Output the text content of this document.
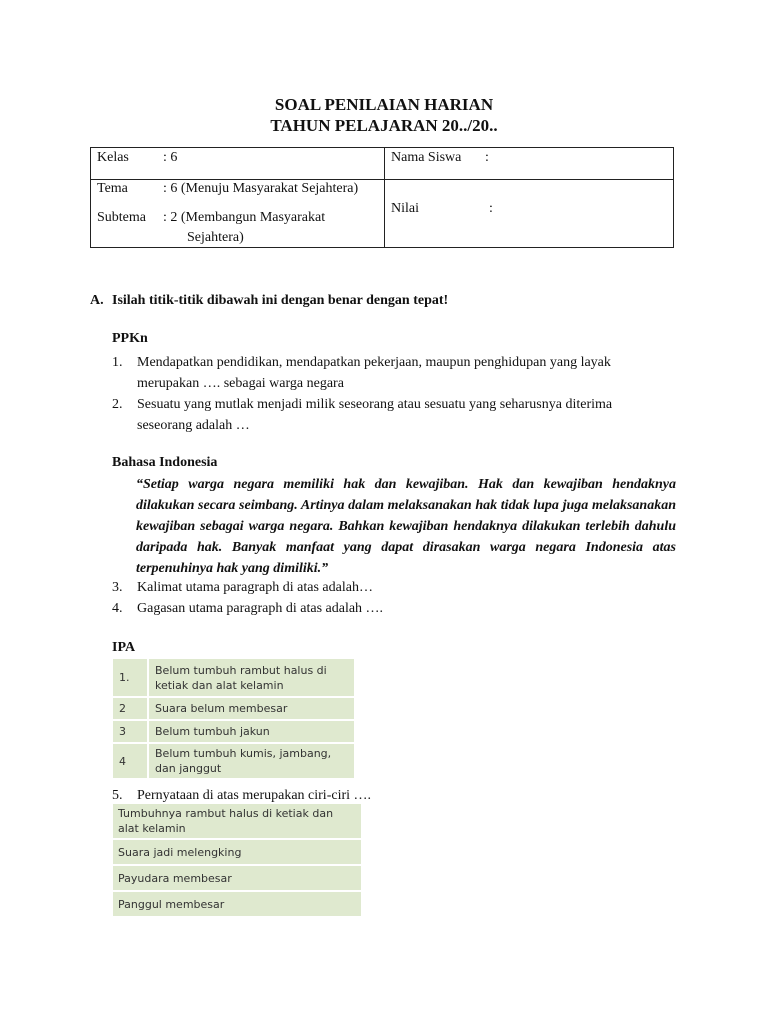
SOAL PENILAIAN HARIAN
TAHUN PELAJARAN 20../20..
Kelas : 6	Nama Siswa :

Tema : 6 (Menuju Masyarakat Sejahtera)
Subtema : 2 (Membangun Masyarakat
Sejahtera)	Nilai :
A. Isilah titik-titik dibawah ini dengan benar dengan tepat!
PPKn
1. Mendapatkan pendidikan, mendapatkan pekerjaan, maupun penghidupan yang layak
merupakan …. sebagai warga negara
2. Sesuatu yang mutlak menjadi milik seseorang atau sesuatu yang seharusnya diterima
seseorang adalah …
Bahasa Indonesia
“Setiap warga negara memiliki hak dan kewajiban. Hak dan kewajiban hendaknya dilakukan secara seimbang. Artinya dalam melaksanakan hak tidak lupa juga melaksanakan kewajiban sebagai warga negara. Bahkan kewajiban hendaknya dilakukan terlebih dahulu daripada hak. Banyak manfaat yang dapat dirasakan warga negara Indonesia atas terpenuhinya hak yang dimiliki.”
3. Kalimat utama paragraph di atas adalah…
4. Gagasan utama paragraph di atas adalah ….
IPA
1.	Belum tumbuh rambut halus di ketiak dan alat kelamin
2	Suara belum membesar
3	Belum tumbuh jakun
4	Belum tumbuh kumis, jambang, dan janggut
5. Pernyataan di atas merupakan ciri-ciri ….
Tumbuhnya rambut halus di ketiak dan alat kelamin
Suara jadi melengking
Payudara membesar
Panggul membesar
